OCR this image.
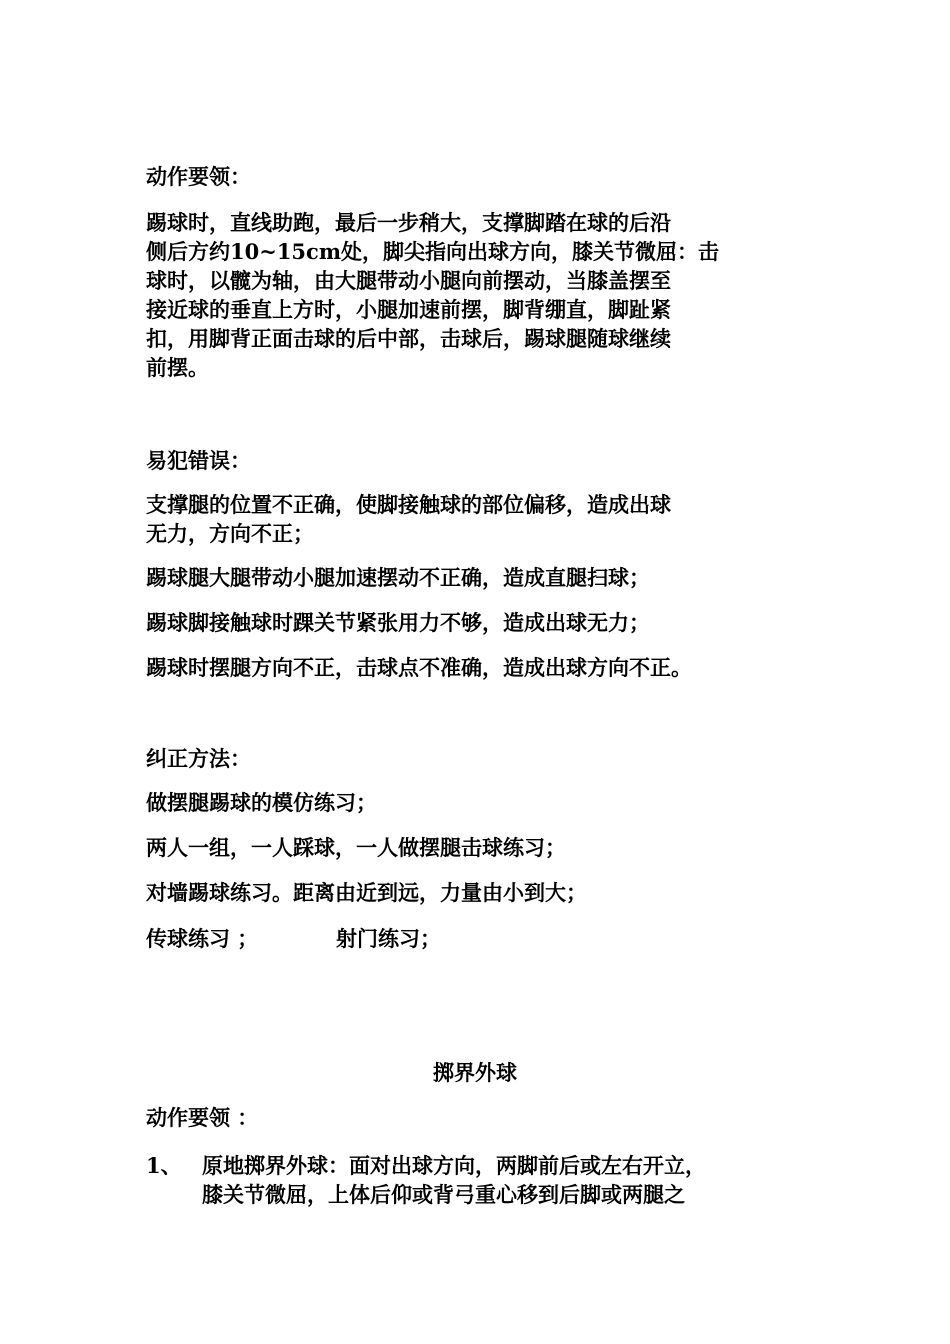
动作要领：
踢球时，直线助跑，最后一步稍大，支撑脚踏在球的后沿
侧后方约10~15cm处，脚尖指向出球方向，膝关节微屈：击
球时，以髋为轴，由大腿带动小腿向前摆动，当膝盖摆至
接近球的垂直上方时，小腿加速前摆，脚背绷直，脚趾紧
扣，用脚背正面击球的后中部，击球后，踢球腿随球继续
前摆。
易犯错误：
支撑腿的位置不正确，使脚接触球的部位偏移，造成出球
无力，方向不正；
踢球腿大腿带动小腿加速摆动不正确，造成直腿扫球；
踢球脚接触球时踝关节紧张用力不够，造成出球无力；
踢球时摆腿方向不正，击球点不准确，造成出球方向不正。
纠正方法：
做摆腿踢球的模仿练习；
两人一组，一人踩球，一人做摆腿击球练习；
对墙踢球练习。距离由近到远，力量由小到大；
传球练习 ；	射门练习；
掷界外球
动作要领 ：
1、 原地掷界外球：面对出球方向，两脚前后或左右开立，
膝关节微屈，上体后仰或背弓重心移到后脚或两腿之
